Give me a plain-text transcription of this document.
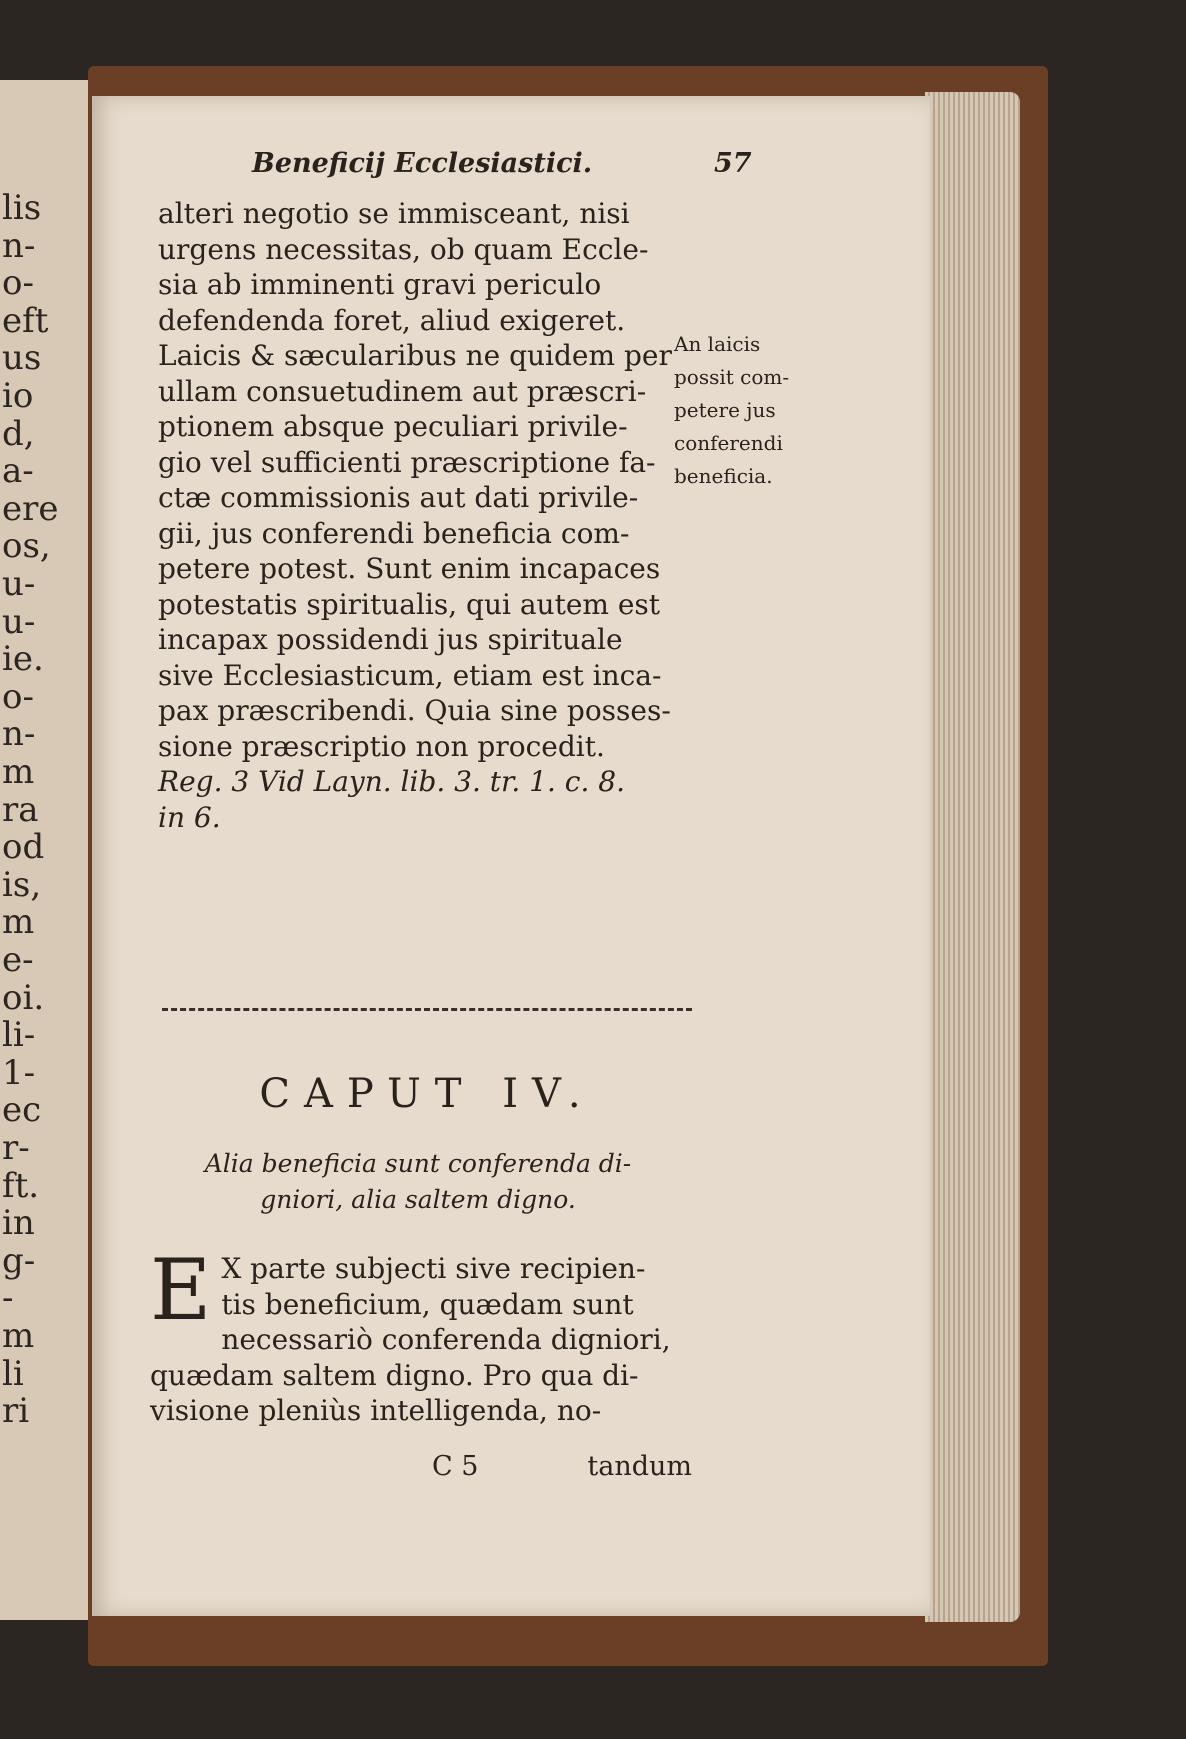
lis
n-
o-
eft
us
io
d,
a-
ere
os,
u-
u-
ie.
o-
n-
m
ra
od
is,
m
e-
oi.
li-
1-
ec
r-
ft.
in
g-
-
m
li
ri
Beneficij Ecclesiastici.	57
alteri negotio se immisceant, nisi
urgens necessitas, ob quam Eccle-
sia ab imminenti gravi periculo
defendenda foret, aliud exigeret.
Laicis & sæcularibus ne quidem per
ullam consuetudinem aut præscri-
ptionem absque peculiari privile-
gio vel sufficienti præscriptione fa-
ctæ commissionis aut dati privile-
gii, jus conferendi beneficia com-
petere potest. Sunt enim incapaces
potestatis spiritualis, qui autem est
incapax possidendi jus spirituale
sive Ecclesiasticum, etiam est inca-
pax præscribendi. Quia sine posses-
sione præscriptio non procedit.
Reg. 3 Vid Layn. lib. 3. tr. 1. c. 8.
in 6.
An laicis
possit com-
petere jus
conferendi
beneficia.
CAPUT IV.
Alia beneficia sunt conferenda di-
gniori, alia saltem digno.
E X parte subjecti sive recipien-
tis beneficium, quædam sunt
necessariò conferenda digniori,
quædam saltem digno. Pro qua di-
visione pleniùs intelligenda, no-
C 5	tandum
